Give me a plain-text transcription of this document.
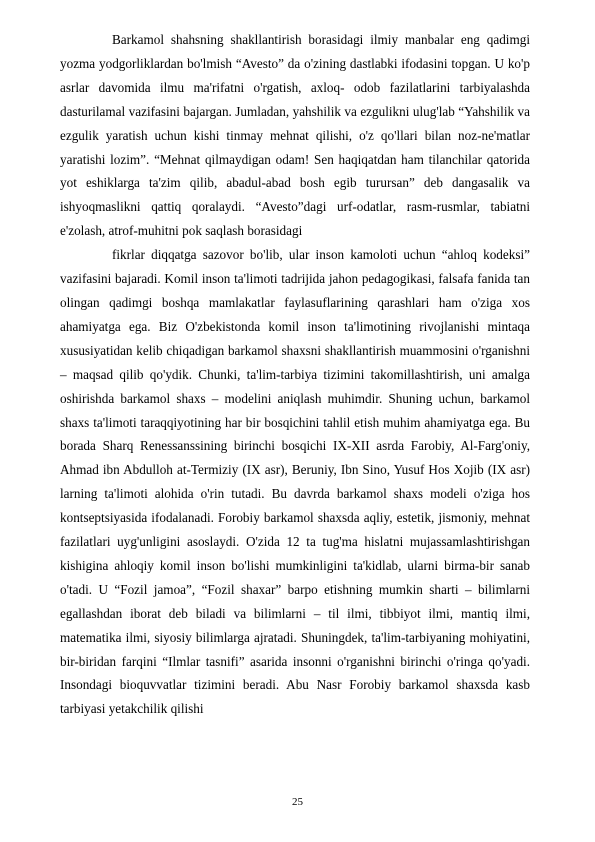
Barkamol shahsning shakllantirish borasidagi ilmiy manbalar eng qadimgi yozma yodgorliklardan bo'lmish “Avesto” da o'zining dastlabki ifodasini topgan. U ko'p asrlar davomida ilmu ma'rifatni o'rgatish, axloq- odob fazilatlarini tarbiyalashda dasturilamal vazifasini bajargan. Jumladan, yahshilik va ezgulikni ulug'lab “Yahshilik va ezgulik yaratish uchun kishi tinmay mehnat qilishi, o'z qo'llari bilan noz-ne'matlar yaratishi lozim”. “Mehnat qilmaydigan odam! Sen haqiqatdan ham tilanchilar qatorida yot eshiklarga ta'zim qilib, abadul-abad bosh egib turursan” deb dangasalik va ishyoqmaslikni qattiq qoralaydi. “Avesto”dagi urf-odatlar, rasm-rusmlar, tabiatni e'zolash, atrof-muhitni pok saqlash borasidagi

fikrlar diqqatga sazovor bo'lib, ular inson kamoloti uchun “ahloq kodeksi” vazifasini bajaradi. Komil inson ta'limoti tadrijida jahon pedagogikasi, falsafa fanida tan olingan qadimgi boshqa mamlakatlar faylasuflarining qarashlari ham o'ziga xos ahamiyatga ega. Biz O'zbekistonda komil inson ta'limotining rivojlanishi mintaqa xususiyatidan kelib chiqadigan barkamol shaxsni shakllantirish muammosini o'rganishni – maqsad qilib qo'ydik. Chunki, ta'lim-tarbiya tizimini takomillashtirish, uni amalga oshirishda barkamol shaxs – modelini aniqlash muhimdir. Shuning uchun, barkamol shaxs ta'limoti taraqqiyotining har bir bosqichini tahlil etish muhim ahamiyatga ega. Bu borada Sharq Renessanssining birinchi bosqichi IX-XII asrda Farobiy, Al-Farg'oniy, Ahmad ibn Abdulloh at-Termiziy (IX asr), Beruniy, Ibn Sino, Yusuf Hos Xojib (IX asr) larning ta'limoti alohida o'rin tutadi. Bu davrda barkamol shaxs modeli o'ziga hos kontseptsiyasida ifodalanadi. Forobiy barkamol shaxsda aqliy, estetik, jismoniy, mehnat fazilatlari uyg'unligini asoslaydi. O'zida 12 ta tug'ma hislatni mujassamlashtirishgan kishigina ahloqiy komil inson bo'lishi mumkinligini ta'kidlab, ularni birma-bir sanab o'tadi. U “Fozil jamoa”, “Fozil shaxar” barpo etishning mumkin sharti – bilimlarni egallashdan iborat deb biladi va bilimlarni – til ilmi, tibbiyot ilmi, mantiq ilmi, matematika ilmi, siyosiy bilimlarga ajratadi. Shuningdek, ta'lim-tarbiyaning mohiyatini, bir-biridan farqini “Ilmlar tasnifi” asarida insonni o'rganishni birinchi o'ringa qo'yadi. Insondagi bioquvvatlar tizimini beradi. Abu Nasr Forobiy barkamol shaxsda kasb tarbiyasi yetakchilik qilishi

25
